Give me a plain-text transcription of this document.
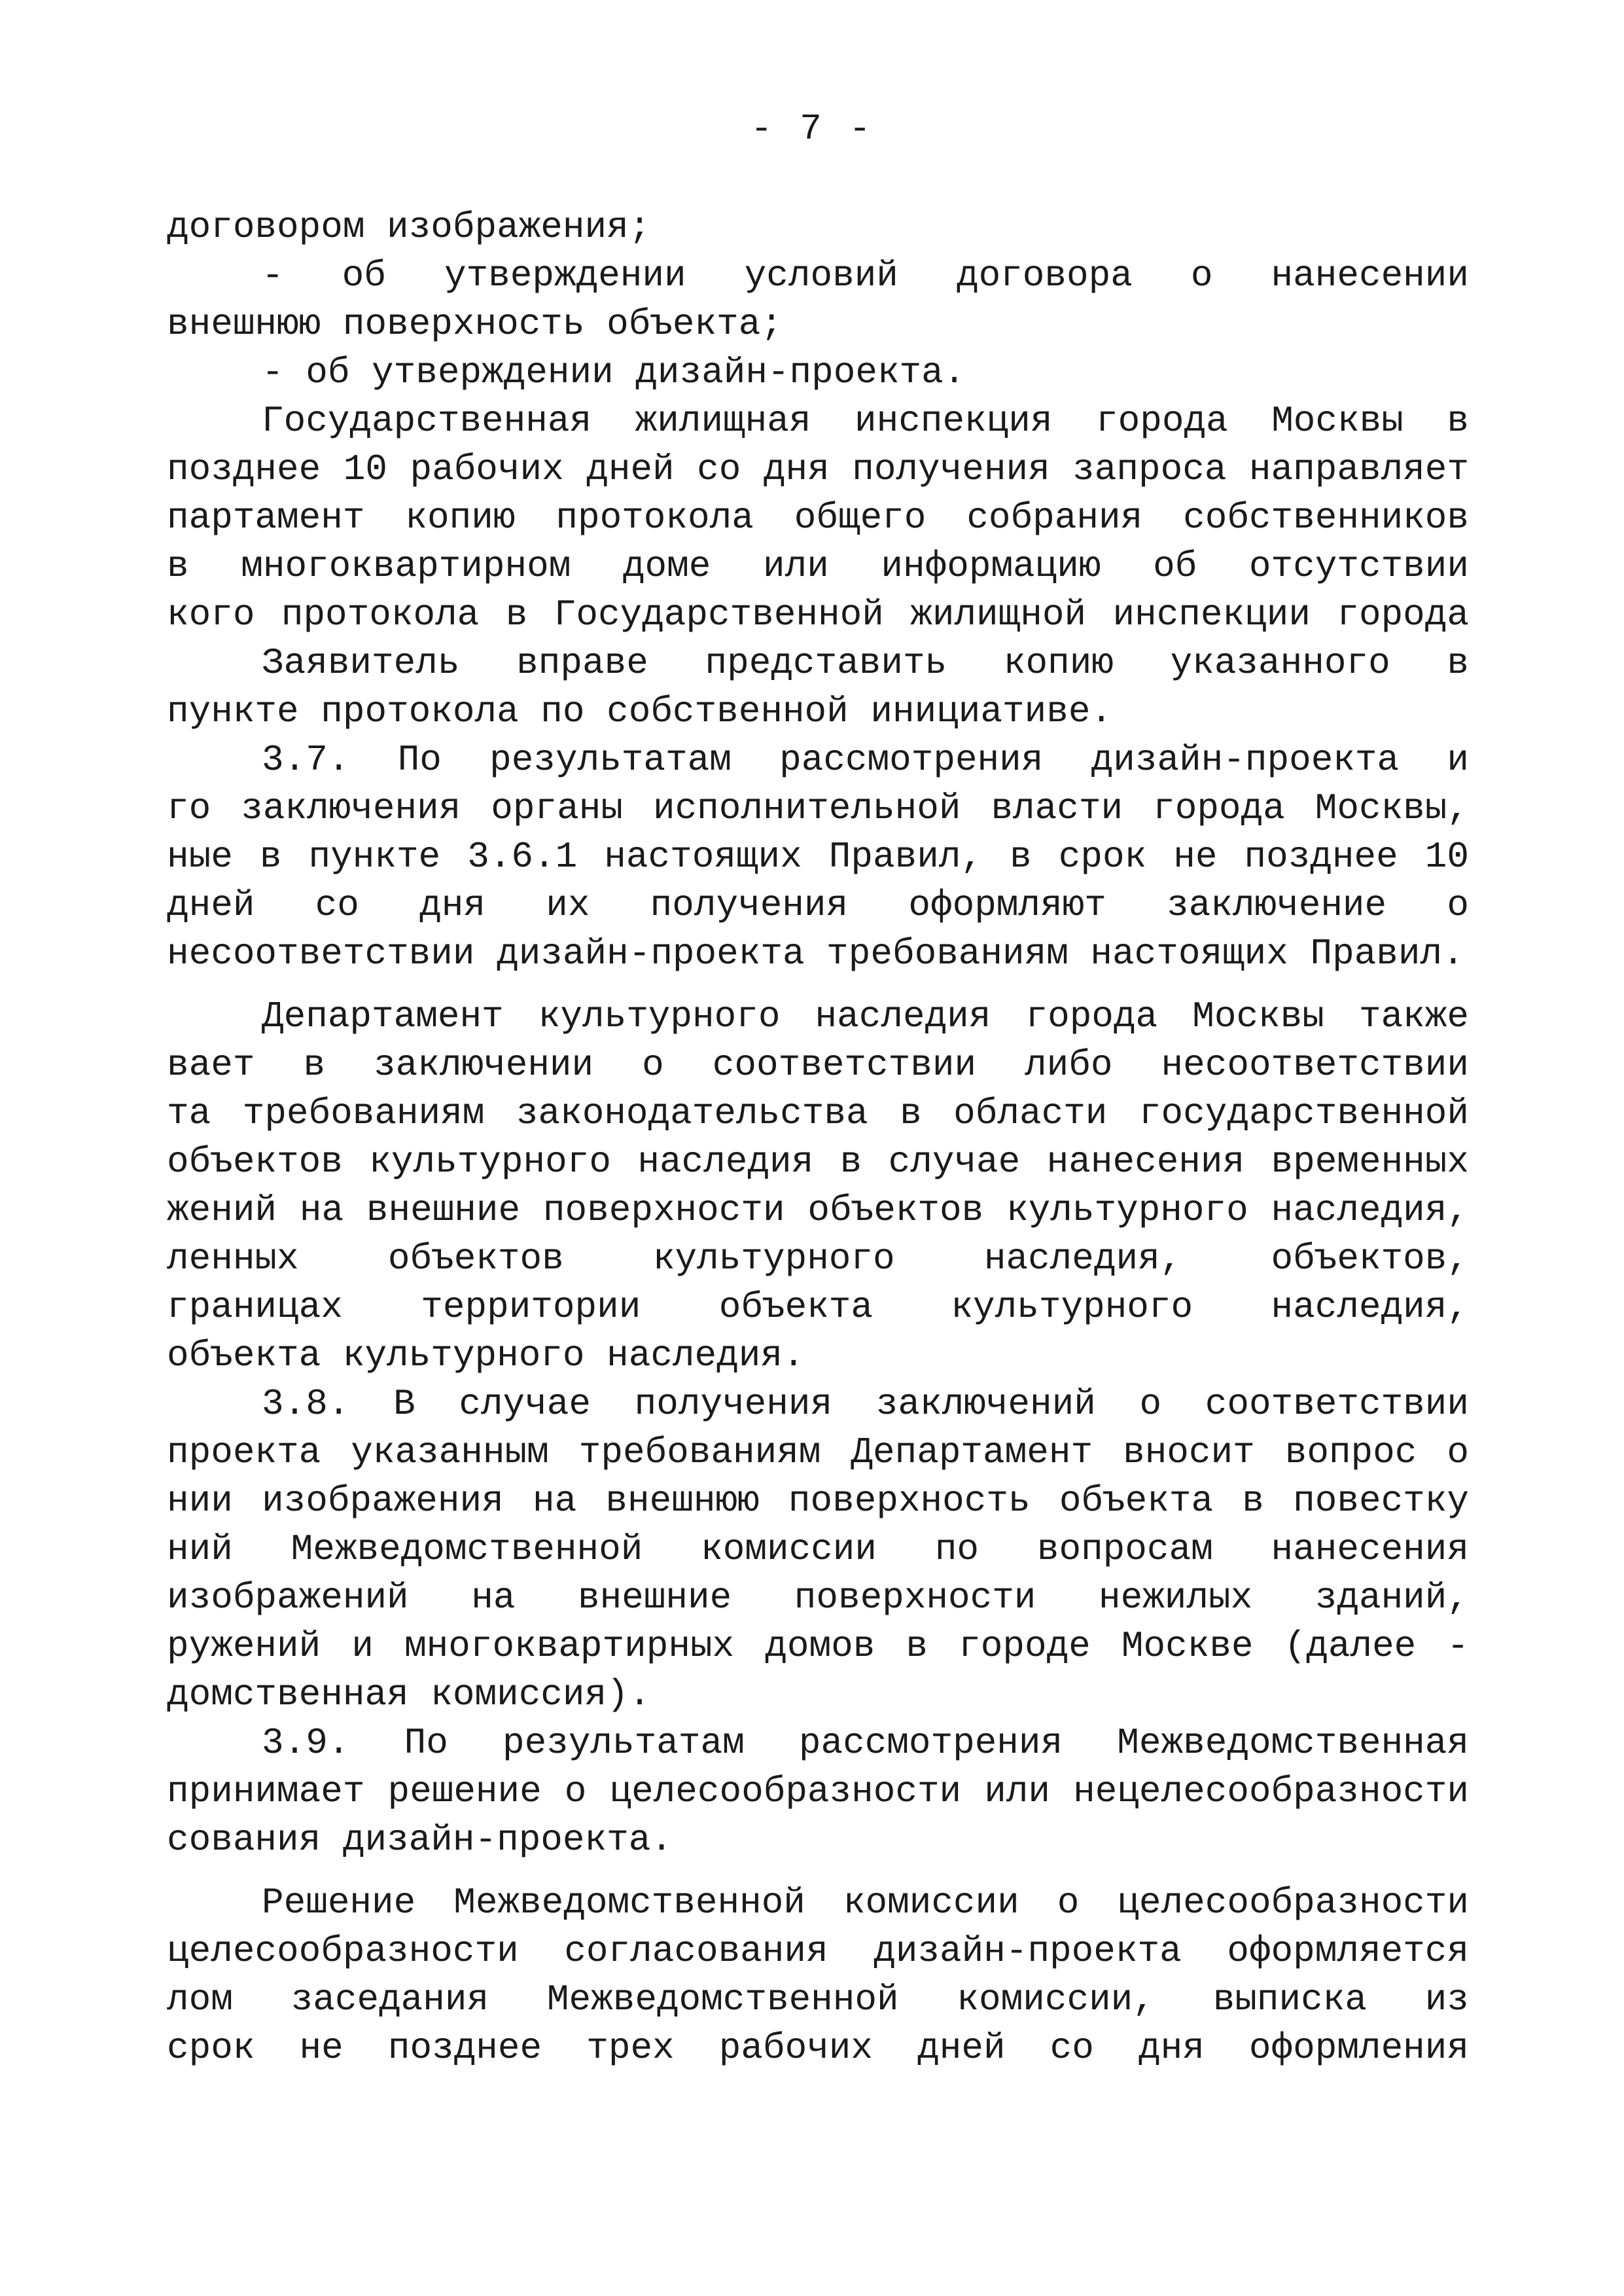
- 7 -
договором изображения;
- об утверждении условий договора о нанесении
внешнюю поверхность объекта;
- об утверждении дизайн-проекта.
Государственная жилищная инспекция города Москвы в
позднее 10 рабочих дней со дня получения запроса направляет
партамент копию протокола общего собрания собственников
в многоквартирном доме или информацию об отсутствии
кого протокола в Государственной жилищной инспекции города
Заявитель вправе представить копию указанного в
пункте протокола по собственной инициативе.
3.7. По результатам рассмотрения дизайн-проекта и
го заключения органы исполнительной власти города Москвы,
ные в пункте 3.6.1 настоящих Правил, в срок не позднее 10
дней со дня их получения оформляют заключение о
несоответствии дизайн-проекта требованиям настоящих Правил.
Департамент культурного наследия города Москвы также
вает в заключении о соответствии либо несоответствии
та требованиям законодательства в области государственной
объектов культурного наследия в случае нанесения временных
жений на внешние поверхности объектов культурного наследия,
ленных объектов культурного наследия, объектов,
границах территории объекта культурного наследия,
объекта культурного наследия.
3.8. В случае получения заключений о соответствии
проекта указанным требованиям Департамент вносит вопрос о
нии изображения на внешнюю поверхность объекта в повестку
ний Межведомственной комиссии по вопросам нанесения
изображений на внешние поверхности нежилых зданий,
ружений и многоквартирных домов в городе Москве (далее -
домственная комиссия).
3.9. По результатам рассмотрения Межведомственная
принимает решение о целесообразности или нецелесообразности
сования дизайн-проекта.
Решение Межведомственной комиссии о целесообразности
целесообразности согласования дизайн-проекта оформляется
лом заседания Межведомственной комиссии, выписка из
срок не позднее трех рабочих дней со дня оформления
